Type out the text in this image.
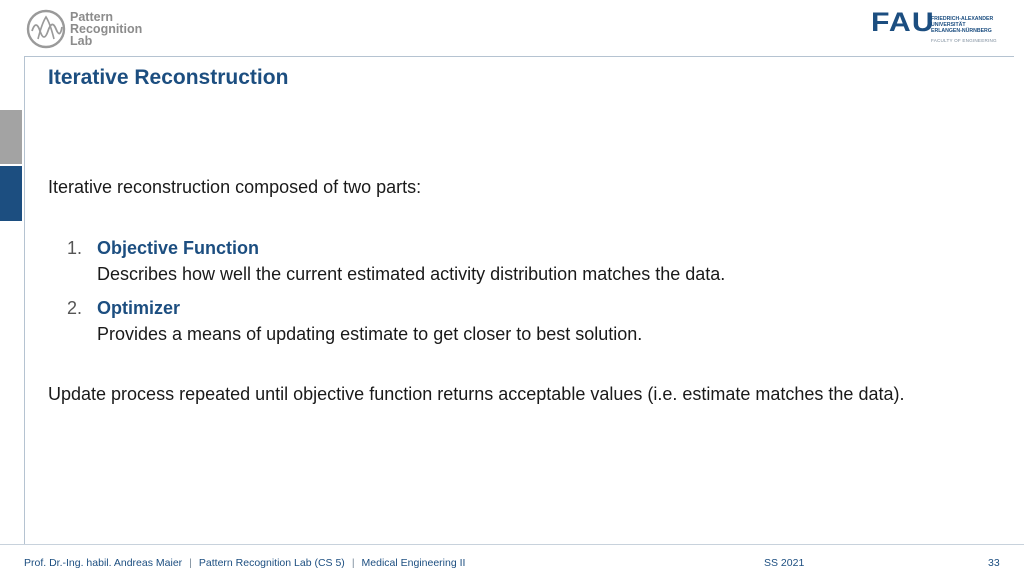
Pattern
Recognition
Lab
FAU
FRIEDRICH-ALEXANDER
UNIVERSITÄT
ERLANGEN-NÜRNBERG
FACULTY OF ENGINEERING
Iterative Reconstruction
Iterative reconstruction composed of two parts:
1. Objective Function
Describes how well the current estimated activity distribution matches the data.
2. Optimizer
Provides a means of updating estimate to get closer to best solution.
Update process repeated until objective function returns acceptable values (i.e. estimate matches the data).
Prof. Dr.-Ing. habil. Andreas Maier | Pattern Recognition Lab (CS 5) | Medical Engineering II	SS 2021	33
